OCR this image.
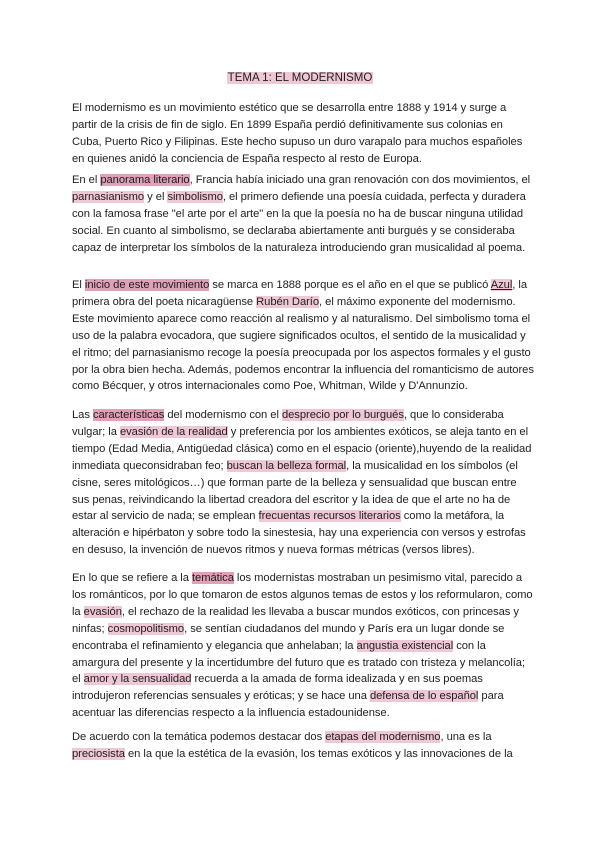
TEMA 1: EL MODERNISMO
El modernismo es un movimiento estético que se desarrolla entre 1888 y 1914 y surge a partir de la crisis de fin de siglo. En 1899 España perdió definitivamente sus colonias en Cuba, Puerto Rico y Filipinas. Este hecho supuso un duro varapalo para muchos españoles en quienes anidó la conciencia de España respecto al resto de Europa.
En el panorama literario, Francia había iniciado una gran renovación con dos movimientos, el parnasianismo y el simbolismo, el primero defiende una poesía cuidada, perfecta y duradera con la famosa frase "el arte por el arte" en la que la poesía no ha de buscar ninguna utilidad social. En cuanto al simbolismo, se declaraba abiertamente anti burgués y se consideraba capaz de interpretar los símbolos de la naturaleza introduciendo gran musicalidad al poema.
El inicio de este movimiento se marca en 1888 porque es el año en el que se publicó Azul, la primera obra del poeta nicaragüense Rubén Darío, el máximo exponente del modernismo. Este movimiento aparece como reacción al realismo y al naturalismo. Del simbolismo toma el uso de la palabra evocadora, que sugiere significados ocultos, el sentido de la musicalidad y el ritmo; del parnasianismo recoge la poesía preocupada por los aspectos formales y el gusto por la obra bien hecha. Además, podemos encontrar la influencia del romanticismo de autores como Bécquer, y otros internacionales como Poe, Whitman, Wilde y D'Annunzio.
Las características del modernismo con el desprecio por lo burgués, que lo consideraba vulgar; la evasión de la realidad y preferencia por los ambientes exóticos, se aleja tanto en el tiempo (Edad Media, Antigüedad clásica) como en el espacio (oriente),huyendo de la realidad inmediata queconsidraban feo; buscan la belleza formal, la musicalidad en los símbolos (el cisne, seres mitológicos…) que forman parte de la belleza y sensualidad que buscan entre sus penas, reivindicando la libertad creadora del escritor y la idea de que el arte no ha de estar al servicio de nada; se emplean frecuentas recursos literarios como la metáfora, la alteración e hipérbaton y sobre todo la sinestesia, hay una experiencia con versos y estrofas en desuso, la invención de nuevos ritmos y nueva formas métricas (versos libres).
En lo que se refiere a la temática los modernistas mostraban un pesimismo vital, parecido a los románticos, por lo que tomaron de estos algunos temas de estos y los reformularon, como la evasión, el rechazo de la realidad les llevaba a buscar mundos exóticos, con princesas y ninfas; cosmopolitismo, se sentían ciudadanos del mundo y París era un lugar donde se encontraba el refinamiento y elegancia que anhelaban; la angustia existencial con la amargura del presente y la incertidumbre del futuro que es tratado con tristeza y melancolía; el amor y la sensualidad recuerda a la amada de forma idealizada y en sus poemas introdujeron referencias sensuales y eróticas; y se hace una defensa de lo español para acentuar las diferencias respecto a la influencia estadounidense.
De acuerdo con la temática podemos destacar dos etapas del modernismo, una es la preciosista en la que la estética de la evasión, los temas exóticos y las innovaciones de la
